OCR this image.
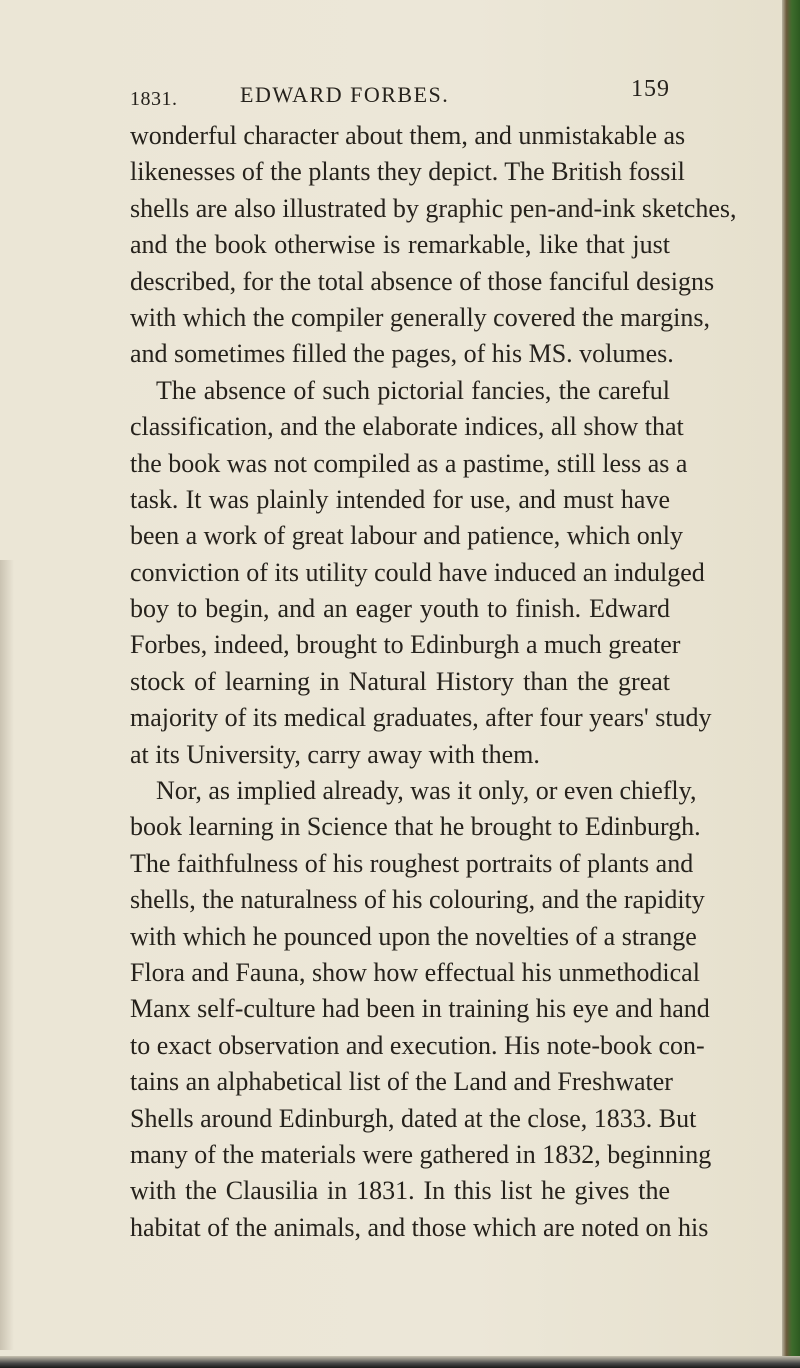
1831.	EDWARD FORBES.	159
wonderful character about them, and unmistakable as
likenesses of the plants they depict. The British fossil
shells are also illustrated by graphic pen-and-ink sketches,
and the book otherwise is remarkable, like that just
described, for the total absence of those fanciful designs
with which the compiler generally covered the margins,
and sometimes filled the pages, of his MS. volumes.
The absence of such pictorial fancies, the careful
classification, and the elaborate indices, all show that
the book was not compiled as a pastime, still less as a
task. It was plainly intended for use, and must have
been a work of great labour and patience, which only
conviction of its utility could have induced an indulged
boy to begin, and an eager youth to finish. Edward
Forbes, indeed, brought to Edinburgh a much greater
stock of learning in Natural History than the great
majority of its medical graduates, after four years' study
at its University, carry away with them.
Nor, as implied already, was it only, or even chiefly,
book learning in Science that he brought to Edinburgh.
The faithfulness of his roughest portraits of plants and
shells, the naturalness of his colouring, and the rapidity
with which he pounced upon the novelties of a strange
Flora and Fauna, show how effectual his unmethodical
Manx self-culture had been in training his eye and hand
to exact observation and execution. His note-book con-
tains an alphabetical list of the Land and Freshwater
Shells around Edinburgh, dated at the close, 1833. But
many of the materials were gathered in 1832, beginning
with the Clausilia in 1831. In this list he gives the
habitat of the animals, and those which are noted on his
